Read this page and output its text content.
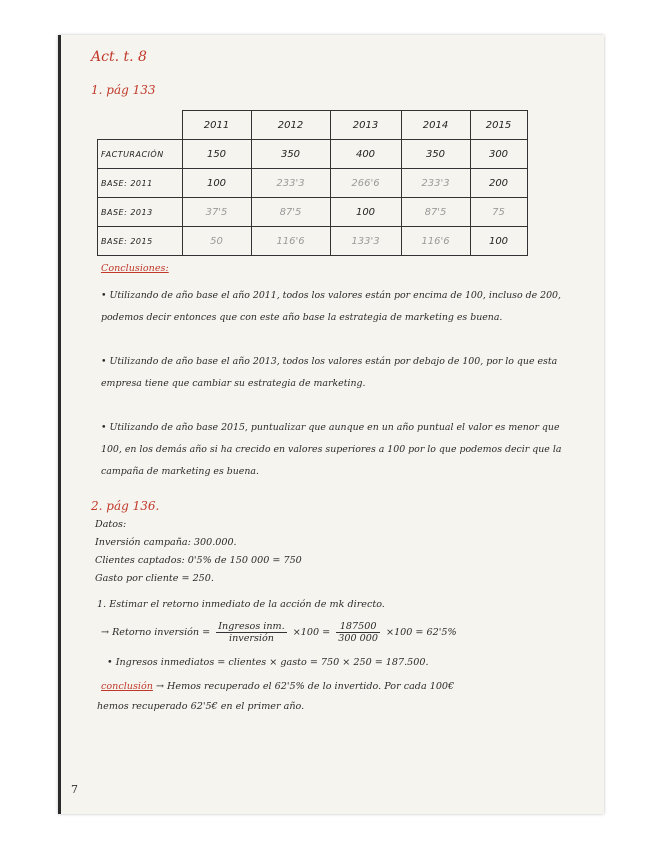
Act. t. 8
1. pág 133
	2011	2012	2013	2014	2015
FACTURACIÓN	150	350	400	350	300
BASE: 2011	100	233'3	266'6	233'3	200
BASE: 2013	37'5	87'5	100	87'5	75
BASE: 2015	50	116'6	133'3	116'6	100
Conclusiones:
• Utilizando de año base el año 2011, todos los valores están por encima de 100, incluso de 200, podemos decir entonces que con este año base la estrategia de marketing es buena.
• Utilizando de año base el año 2013, todos los valores están por debajo de 100, por lo que esta empresa tiene que cambiar su estrategia de marketing.
• Utilizando de año base 2015, puntualizar que aunque en un año puntual el valor es menor que 100, en los demás año si ha crecido en valores superiores a 100 por lo que podemos decir que la campaña de marketing es buena.
2. pág 136.
Datos:
Inversión campaña: 300.000.
Clientes captados: 0'5% de 150 000 = 750
Gasto por cliente = 250.
1. Estimar el retorno inmediato de la acción de mk directo.
→ Retorno inversión = $\frac{\text{Ingresos inm.}}{\text{inversión}} \times 100 = \frac{187500}{300 000} \times 100 = 62'5\%$
• Ingresos inmediatos = clientes × gasto = 750 × 250 = 187.500.
conclusión → Hemos recuperado el 62'5% de lo invertido. Por cada 100€
hemos recuperado 62'5€ en el primer año.
7
